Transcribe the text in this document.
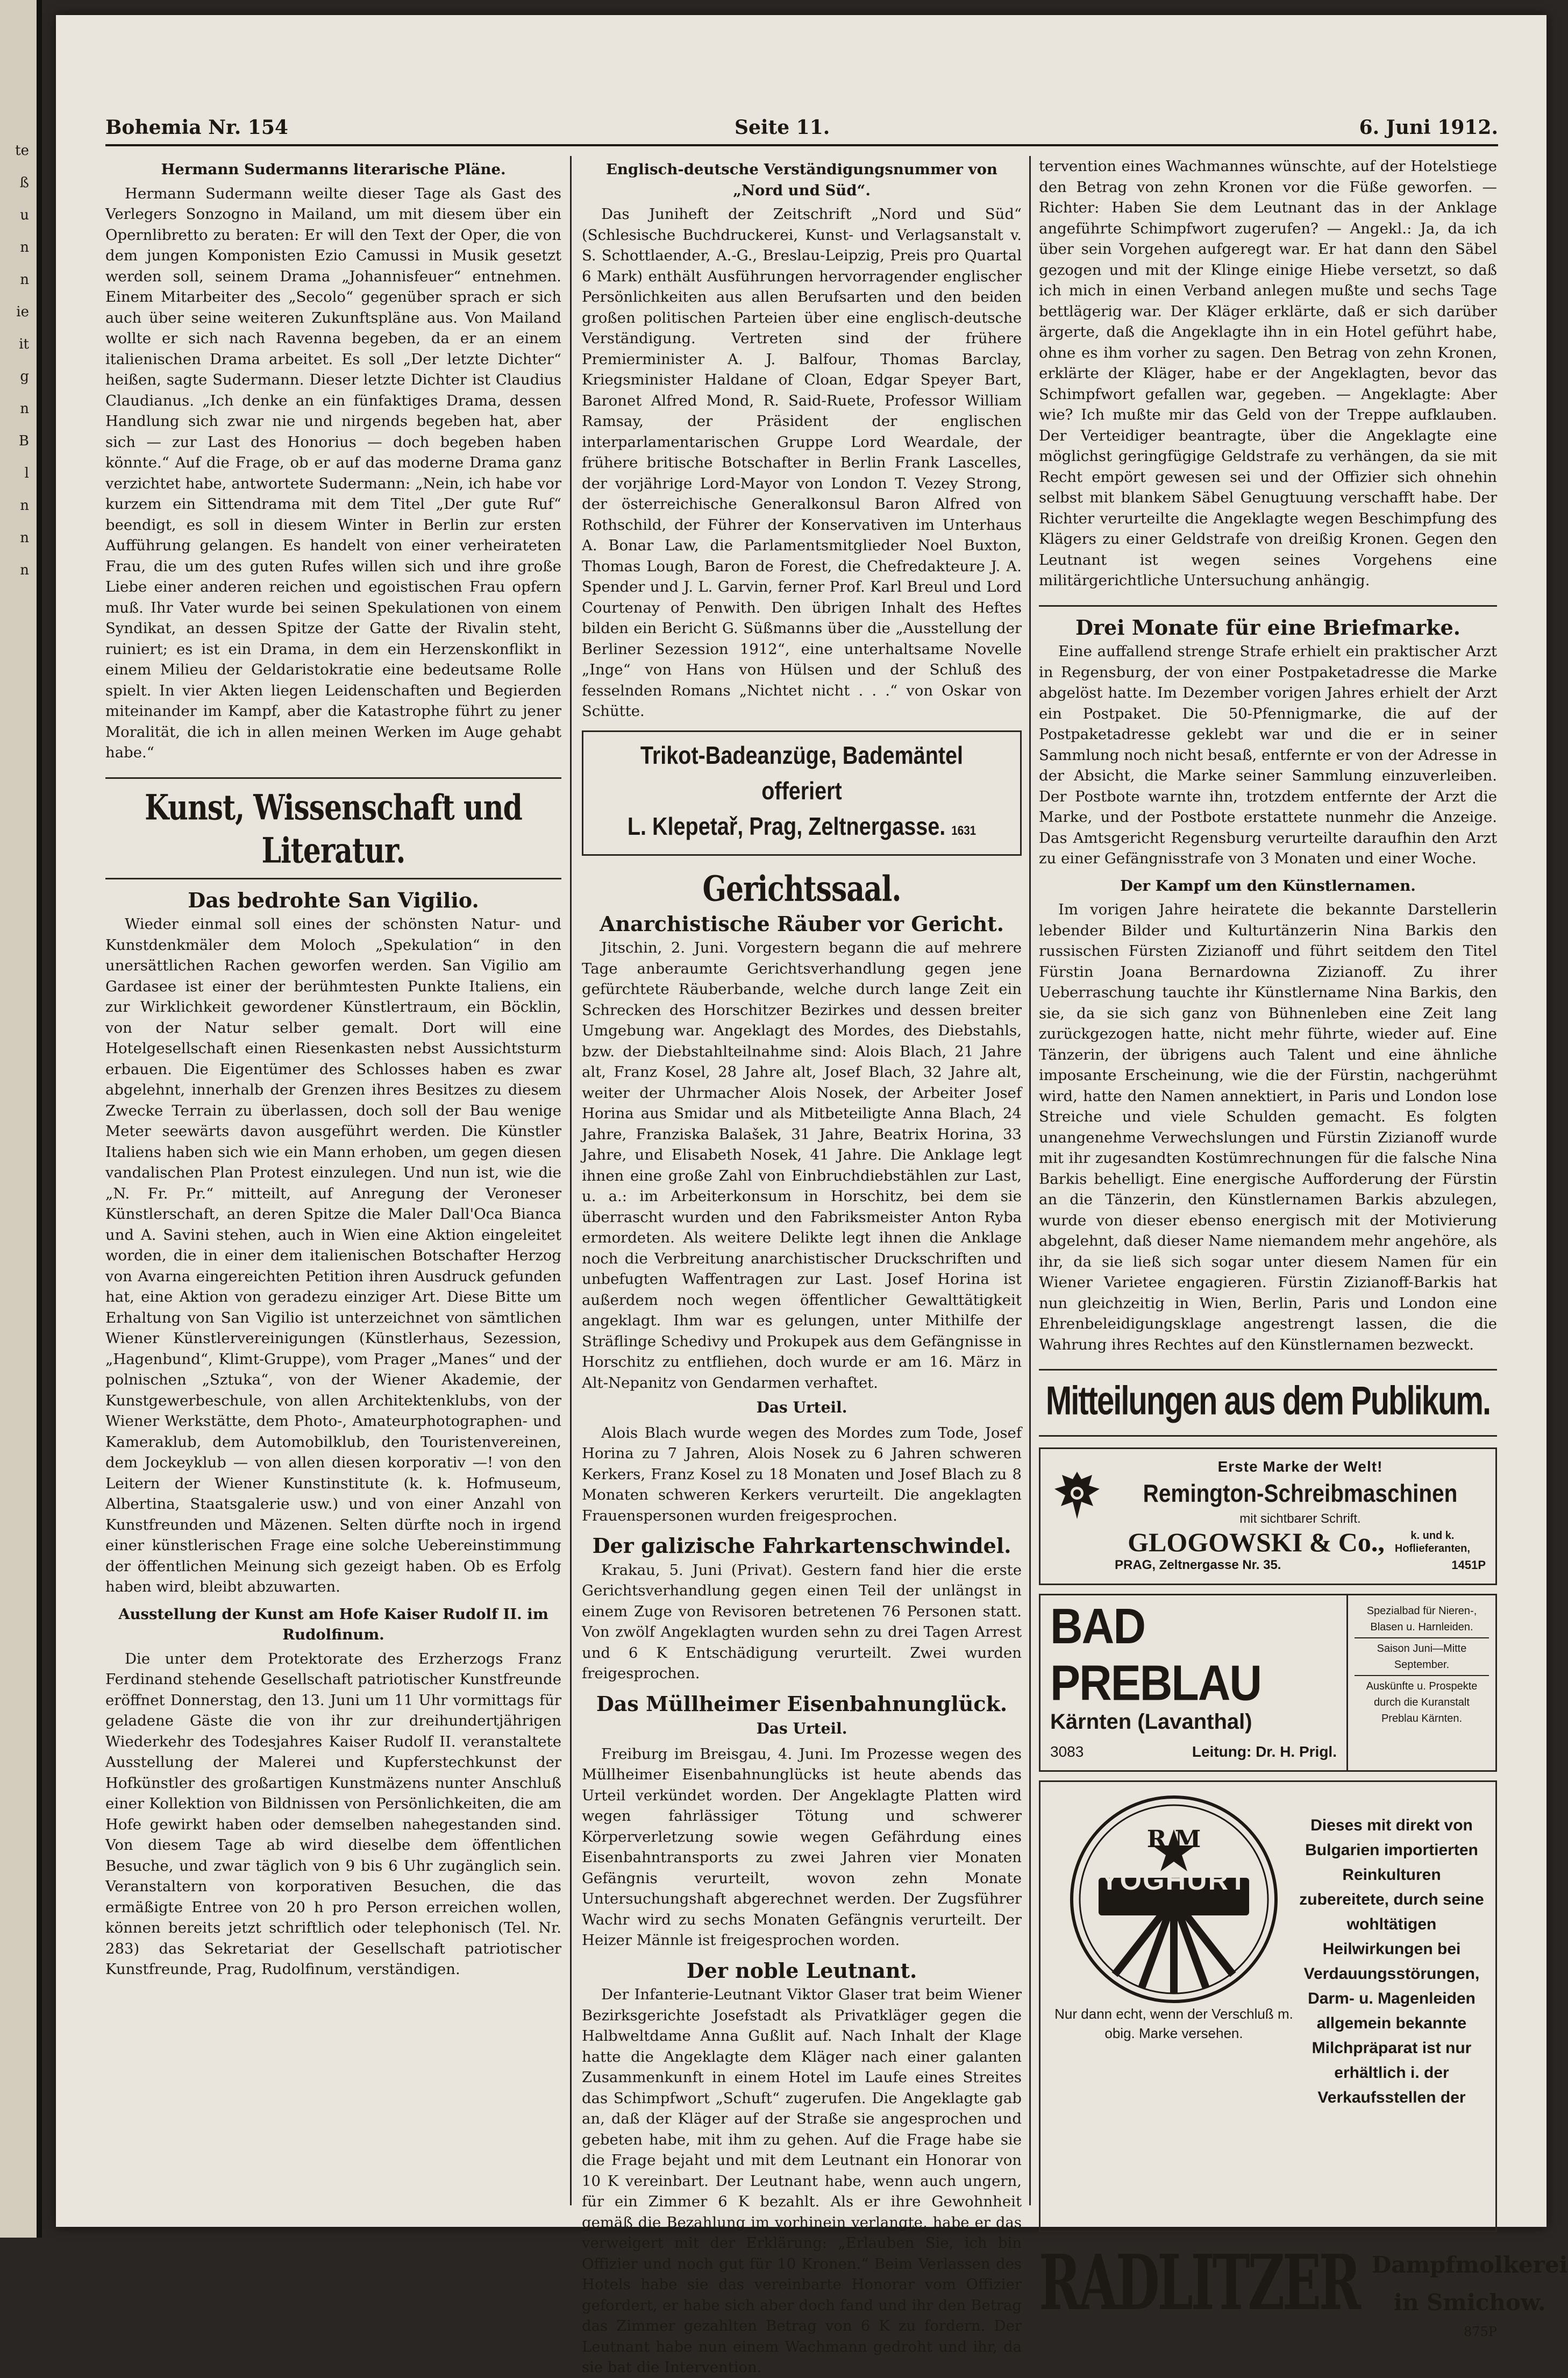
te
ß
u
n
n
ie
it
g
n
B
l
n
n
n
Bohemia Nr. 154	Seite 11.	6. Juni 1912.
Hermann Sudermanns literarische Pläne.

Hermann Sudermann weilte dieser Tage als Gast des Verlegers Sonzogno in Mailand, um mit diesem über ein Opernlibretto zu beraten: Er will den Text der Oper, die von dem jungen Komponisten Ezio Camussi in Musik gesetzt werden soll, seinem Drama „Johannisfeuer“ entnehmen. Einem Mitarbeiter des „Secolo“ gegenüber sprach er sich auch über seine weiteren Zukunftspläne aus. Von Mailand wollte er sich nach Ravenna begeben, da er an einem italienischen Drama arbeitet. Es soll „Der letzte Dichter“ heißen, sagte Sudermann. Dieser letzte Dichter ist Claudius Claudianus. „Ich denke an ein fünfaktiges Drama, dessen Handlung sich zwar nie und nirgends begeben hat, aber sich — zur Last des Honorius — doch begeben haben könnte.“ Auf die Frage, ob er auf das moderne Drama ganz verzichtet habe, antwortete Sudermann: „Nein, ich habe vor kurzem ein Sittendrama mit dem Titel „Der gute Ruf“ beendigt, es soll in diesem Winter in Berlin zur ersten Aufführung gelangen. Es handelt von einer verheirateten Frau, die um des guten Rufes willen sich und ihre große Liebe einer anderen reichen und egoistischen Frau opfern muß. Ihr Vater wurde bei seinen Spekulationen von einem Syndikat, an dessen Spitze der Gatte der Rivalin steht, ruiniert; es ist ein Drama, in dem ein Herzenskonflikt in einem Milieu der Geldaristokratie eine bedeutsame Rolle spielt. In vier Akten liegen Leidenschaften und Begierden miteinander im Kampf, aber die Katastrophe führt zu jener Moralität, die ich in allen meinen Werken im Auge gehabt habe.“

Kunst, Wissenschaft und Literatur.
Das bedrohte San Vigilio.

Wieder einmal soll eines der schönsten Natur- und Kunstdenkmäler dem Moloch „Spekulation“ in den unersättlichen Rachen geworfen werden. San Vigilio am Gardasee ist einer der berühmtesten Punkte Italiens, ein zur Wirklichkeit gewordener Künstlertraum, ein Böcklin, von der Natur selber gemalt. Dort will eine Hotelgesellschaft einen Riesenkasten nebst Aussichtsturm erbauen. Die Eigentümer des Schlosses haben es zwar abgelehnt, innerhalb der Grenzen ihres Besitzes zu diesem Zwecke Terrain zu überlassen, doch soll der Bau wenige Meter seewärts davon ausgeführt werden. Die Künstler Italiens haben sich wie ein Mann erhoben, um gegen diesen vandalischen Plan Protest einzulegen. Und nun ist, wie die „N. Fr. Pr.“ mitteilt, auf Anregung der Veroneser Künstlerschaft, an deren Spitze die Maler Dall'Oca Bianca und A. Savini stehen, auch in Wien eine Aktion eingeleitet worden, die in einer dem italienischen Botschafter Herzog von Avarna eingereichten Petition ihren Ausdruck gefunden hat, eine Aktion von geradezu einziger Art. Diese Bitte um Erhaltung von San Vigilio ist unterzeichnet von sämtlichen Wiener Künstlervereinigungen (Künstlerhaus, Sezession, „Hagenbund“, Klimt-Gruppe), vom Prager „Manes“ und der polnischen „Sztuka“, von der Wiener Akademie, der Kunstgewerbeschule, von allen Architektenklubs, von der Wiener Werkstätte, dem Photo-, Amateurphotographen- und Kameraklub, dem Automobilklub, den Touristenvereinen, dem Jockeyklub — von allen diesen korporativ —! von den Leitern der Wiener Kunstinstitute (k. k. Hofmuseum, Albertina, Staatsgalerie usw.) und von einer Anzahl von Kunstfreunden und Mäzenen. Selten dürfte noch in irgend einer künstlerischen Frage eine solche Uebereinstimmung der öffentlichen Meinung sich gezeigt haben. Ob es Erfolg haben wird, bleibt abzuwarten.

Ausstellung der Kunst am Hofe Kaiser Rudolf II. im Rudolfinum.

Die unter dem Protektorate des Erzherzogs Franz Ferdinand stehende Gesellschaft patriotischer Kunstfreunde eröffnet Donnerstag, den 13. Juni um 11 Uhr vormittags für geladene Gäste die von ihr zur dreihundertjährigen Wiederkehr des Todesjahres Kaiser Rudolf II. veranstaltete Ausstellung der Malerei und Kupferstechkunst der Hofkünstler des großartigen Kunstmäzens nunter Anschluß einer Kollektion von Bildnissen von Persönlichkeiten, die am Hofe gewirkt haben oder demselben nahegestanden sind. Von diesem Tage ab wird dieselbe dem öffentlichen Besuche, und zwar täglich von 9 bis 6 Uhr zugänglich sein. Veranstaltern von korporativen Besuchen, die das ermäßigte Entree von 20 h pro Person erreichen wollen, können bereits jetzt schriftlich oder telephonisch (Tel. Nr. 283) das Sekretariat der Gesellschaft patriotischer Kunstfreunde, Prag, Rudolfinum, verständigen.

Englisch-deutsche Verständigungsnummer von „Nord und Süd“.

Das Juniheft der Zeitschrift „Nord und Süd“ (Schlesische Buchdruckerei, Kunst- und Verlagsanstalt v. S. Schottlaender, A.-G., Breslau-Leipzig, Preis pro Quartal 6 Mark) enthält Ausführungen hervorragender englischer Persönlichkeiten aus allen Berufsarten und den beiden großen politischen Parteien über eine englisch-deutsche Verständigung. Vertreten sind der frühere Premierminister A. J. Balfour, Thomas Barclay, Kriegsminister Haldane of Cloan, Edgar Speyer Bart, Baronet Alfred Mond, R. Said-Ruete, Professor William Ramsay, der Präsident der englischen interparlamentarischen Gruppe Lord Weardale, der frühere britische Botschafter in Berlin Frank Lascelles, der vorjährige Lord-Mayor von London T. Vezey Strong, der österreichische Generalkonsul Baron Alfred von Rothschild, der Führer der Konservativen im Unterhaus A. Bonar Law, die Parlamentsmitglieder Noel Buxton, Thomas Lough, Baron de Forest, die Chefredakteure J. A. Spender und J. L. Garvin, ferner Prof. Karl Breul und Lord Courtenay of Penwith. Den übrigen Inhalt des Heftes bilden ein Bericht G. Süßmanns über die „Ausstellung der Berliner Sezession 1912“, eine unterhaltsame Novelle „Inge“ von Hans von Hülsen und der Schluß des fesselnden Romans „Nichtet nicht . . .“ von Oskar von Schütte.

Trikot-Badeanzüge, Bademäntel offeriert
L. Klepetař, Prag, Zeltnergasse. 1631
Gerichtssaal.
Anarchistische Räuber vor Gericht.

Jitschin, 2. Juni. Vorgestern begann die auf mehrere Tage anberaumte Gerichtsverhandlung gegen jene gefürchtete Räuberbande, welche durch lange Zeit ein Schrecken des Horschitzer Bezirkes und dessen breiter Umgebung war. Angeklagt des Mordes, des Diebstahls, bzw. der Diebstahlteilnahme sind: Alois Blach, 21 Jahre alt, Franz Kosel, 28 Jahre alt, Josef Blach, 32 Jahre alt, weiter der Uhrmacher Alois Nosek, der Arbeiter Josef Horina aus Smidar und als Mitbeteiligte Anna Blach, 24 Jahre, Franziska Balašek, 31 Jahre, Beatrix Horina, 33 Jahre, und Elisabeth Nosek, 41 Jahre. Die Anklage legt ihnen eine große Zahl von Einbruchdiebstählen zur Last, u. a.: im Arbeiterkonsum in Horschitz, bei dem sie überrascht wurden und den Fabriksmeister Anton Ryba ermordeten. Als weitere Delikte legt ihnen die Anklage noch die Verbreitung anarchistischer Druckschriften und unbefugten Waffentragen zur Last. Josef Horina ist außerdem noch wegen öffentlicher Gewalttätigkeit angeklagt. Ihm war es gelungen, unter Mithilfe der Sträflinge Schedivy und Prokupek aus dem Gefängnisse in Horschitz zu entfliehen, doch wurde er am 16. März in Alt-Nepanitz von Gendarmen verhaftet.

Das Urteil.

Alois Blach wurde wegen des Mordes zum Tode, Josef Horina zu 7 Jahren, Alois Nosek zu 6 Jahren schweren Kerkers, Franz Kosel zu 18 Monaten und Josef Blach zu 8 Monaten schweren Kerkers verurteilt. Die angeklagten Frauenspersonen wurden freigesprochen.

Der galizische Fahrkartenschwindel.

Krakau, 5. Juni (Privat). Gestern fand hier die erste Gerichtsverhandlung gegen einen Teil der unlängst in einem Zuge von Revisoren betretenen 76 Personen statt. Von zwölf Angeklagten wurden sehn zu drei Tagen Arrest und 6 K Entschädigung verurteilt. Zwei wurden freigesprochen.

Das Müllheimer Eisenbahnunglück.
Das Urteil.

Freiburg im Breisgau, 4. Juni. Im Prozesse wegen des Müllheimer Eisenbahnunglücks ist heute abends das Urteil verkündet worden. Der Angeklagte Platten wird wegen fahrlässiger Tötung und schwerer Körperverletzung sowie wegen Gefährdung eines Eisenbahntransports zu zwei Jahren vier Monaten Gefängnis verurteilt, wovon zehn Monate Untersuchungshaft abgerechnet werden. Der Zugsführer Wachr wird zu sechs Monaten Gefängnis verurteilt. Der Heizer Männle ist freigesprochen worden.

Der noble Leutnant.

Der Infanterie-Leutnant Viktor Glaser trat beim Wiener Bezirksgerichte Josefstadt als Privatkläger gegen die Halbweltdame Anna Gußlit auf. Nach Inhalt der Klage hatte die Angeklagte dem Kläger nach einer galanten Zusammenkunft in einem Hotel im Laufe eines Streites das Schimpfwort „Schuft“ zugerufen. Die Angeklagte gab an, daß der Kläger auf der Straße sie angesprochen und gebeten habe, mit ihm zu gehen. Auf die Frage habe sie die Frage bejaht und mit dem Leutnant ein Honorar von 10 K vereinbart. Der Leutnant habe, wenn auch ungern, für ein Zimmer 6 K bezahlt. Als er ihre Gewohnheit gemäß die Bezahlung im vorhinein verlangte, habe er das verweigert mit der Erklärung: „Erlauben Sie, ich bin Offizier und noch gut für 10 Kronen.“ Beim Verlassen des Hotels habe sie das vereinbarte Honorar vom Offizier gefordert, er habe sich aber doch fand und ihr den Betrag das Zimmer gezahlten Betrag von 6 K zu fordern. Der Leutnant habe nun einem Wachmann gedroht und ihr, da sie bat die Intervention.

tervention eines Wachmannes wünschte, auf der Hotelstiege den Betrag von zehn Kronen vor die Füße geworfen. — Richter: Haben Sie dem Leutnant das in der Anklage angeführte Schimpfwort zugerufen? — Angekl.: Ja, da ich über sein Vorgehen aufgeregt war. Er hat dann den Säbel gezogen und mit der Klinge einige Hiebe versetzt, so daß ich mich in einen Verband anlegen mußte und sechs Tage bettlägerig war. Der Kläger erklärte, daß er sich darüber ärgerte, daß die Angeklagte ihn in ein Hotel geführt habe, ohne es ihm vorher zu sagen. Den Betrag von zehn Kronen, erklärte der Kläger, habe er der Angeklagten, bevor das Schimpfwort gefallen war, gegeben. — Angeklagte: Aber wie? Ich mußte mir das Geld von der Treppe aufklauben. Der Verteidiger beantragte, über die Angeklagte eine möglichst geringfügige Geldstrafe zu verhängen, da sie mit Recht empört gewesen sei und der Offizier sich ohnehin selbst mit blankem Säbel Genugtuung verschafft habe. Der Richter verurteilte die Angeklagte wegen Beschimpfung des Klägers zu einer Geldstrafe von dreißig Kronen. Gegen den Leutnant ist wegen seines Vorgehens eine militärgerichtliche Untersuchung anhängig.

Drei Monate für eine Briefmarke.

Eine auffallend strenge Strafe erhielt ein praktischer Arzt in Regensburg, der von einer Postpaketadresse die Marke abgelöst hatte. Im Dezember vorigen Jahres erhielt der Arzt ein Postpaket. Die 50-Pfennigmarke, die auf der Postpaketadresse geklebt war und die er in seiner Sammlung noch nicht besaß, entfernte er von der Adresse in der Absicht, die Marke seiner Sammlung einzuverleiben. Der Postbote warnte ihn, trotzdem entfernte der Arzt die Marke, und der Postbote erstattete nunmehr die Anzeige. Das Amtsgericht Regensburg verurteilte daraufhin den Arzt zu einer Gefängnisstrafe von 3 Monaten und einer Woche.

Der Kampf um den Künstlernamen.

Im vorigen Jahre heiratete die bekannte Darstellerin lebender Bilder und Kulturtänzerin Nina Barkis den russischen Fürsten Zizianoff und führt seitdem den Titel Fürstin Joana Bernardowna Zizianoff. Zu ihrer Ueberraschung tauchte ihr Künstlername Nina Barkis, den sie, da sie sich ganz von Bühnenleben eine Zeit lang zurückgezogen hatte, nicht mehr führte, wieder auf. Eine Tänzerin, der übrigens auch Talent und eine ähnliche imposante Erscheinung, wie die der Fürstin, nachgerühmt wird, hatte den Namen annektiert, in Paris und London lose Streiche und viele Schulden gemacht. Es folgten unangenehme Verwechslungen und Fürstin Zizianoff wurde mit ihr zugesandten Kostümrechnungen für die falsche Nina Barkis behelligt. Eine energische Aufforderung der Fürstin an die Tänzerin, den Künstlernamen Barkis abzulegen, wurde von dieser ebenso energisch mit der Motivierung abgelehnt, daß dieser Name niemandem mehr angehöre, als ihr, da sie ließ sich sogar unter diesem Namen für ein Wiener Varietee engagieren. Fürstin Zizianoff-Barkis hat nun gleichzeitig in Wien, Berlin, Paris und London eine Ehrenbeleidigungsklage angestrengt lassen, die die Wahrung ihres Rechtes auf den Künstlernamen bezweckt.

Mitteilungen aus dem Publikum.
Erste Marke der Welt!
Remington-Schreibmaschinen
mit sichtbarer Schrift.
GLOGOWSKI & Co.,	k. und k. Hoflieferanten,
PRAG, Zeltnergasse Nr. 35.	1451P
BAD PREBLAU
Kärnten (Lavanthal)
3083	Leitung: Dr. H. Prigl.
Spezialbad für Nieren-, Blasen u. Harnleiden.
Saison Juni—Mitte September.
Auskünfte u. Prospekte durch die Kuranstalt Preblau Kärnten.
R M
YOGHURT
Nur dann echt, wenn der Verschluß m. obig. Marke versehen.
Dieses mit direkt von Bulgarien importierten Reinkulturen zubereitete, durch seine wohltätigen Heilwirkungen bei Verdauungsstörungen, Darm- u. Magenleiden allgemein bekannte Milchpräparat ist nur erhältlich i. der Verkaufsstellen der
RADLITZER Dampfmolkerei
in Smichow.
875P
